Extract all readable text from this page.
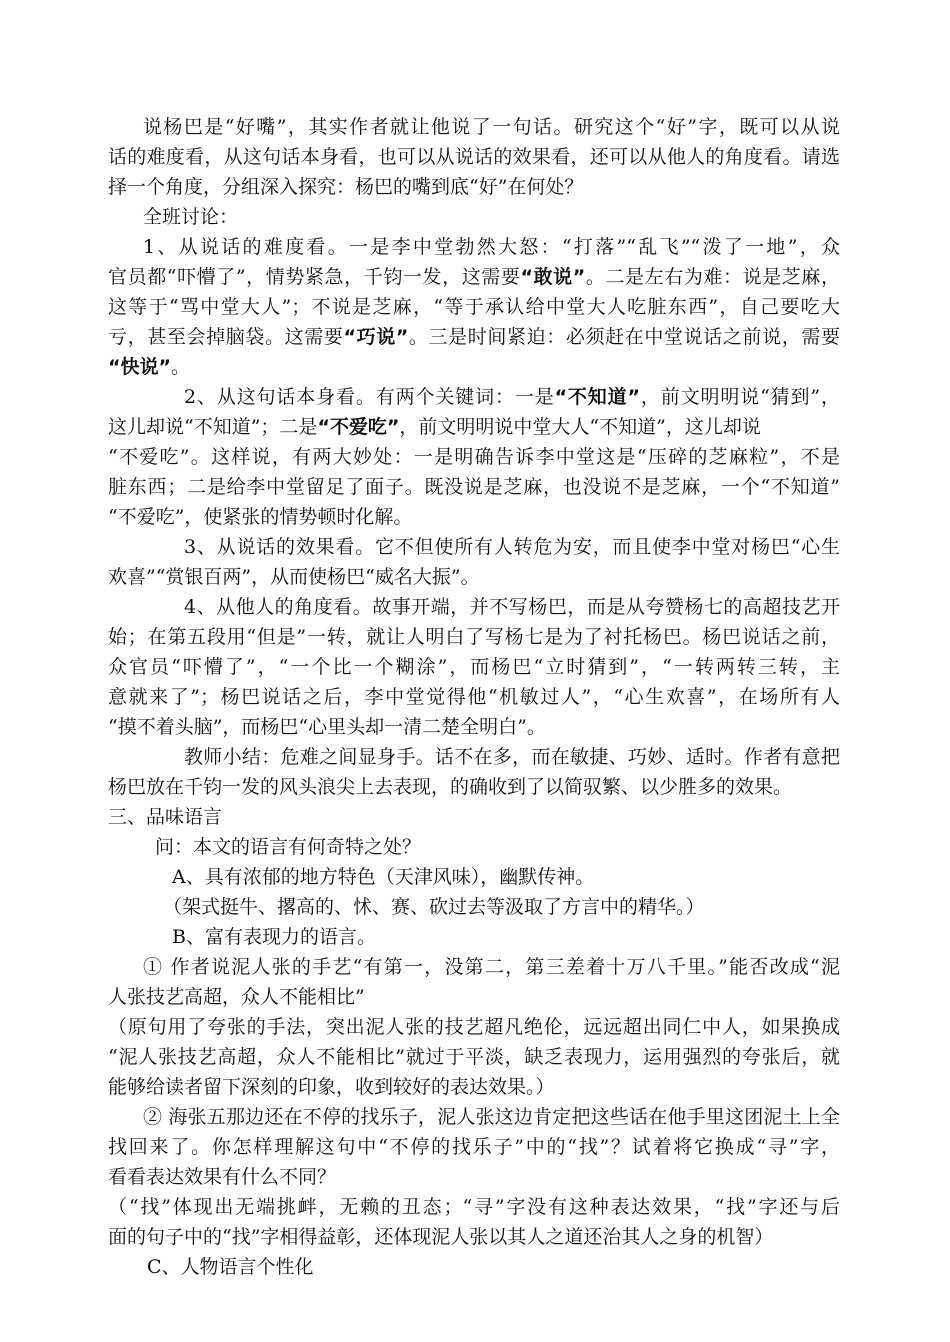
说杨巴是“好嘴”，其实作者就让他说了一句话。研究这个“好”字，既可以从说
话的难度看，从这句话本身看，也可以从说话的效果看，还可以从他人的角度看。请选
择一个角度，分组深入探究：杨巴的嘴到底“好”在何处？
全班讨论：
1、从说话的难度看。一是李中堂勃然大怒：“打落”“乱飞”“泼了一地”，众
官员都“吓懵了”，情势紧急，千钧一发，这需要“敢说”。二是左右为难：说是芝麻，
这等于“骂中堂大人”；不说是芝麻，“等于承认给中堂大人吃脏东西”，自己要吃大
亏，甚至会掉脑袋。这需要“巧说”。三是时间紧迫：必须赶在中堂说话之前说，需要
“快说”。
2、从这句话本身看。有两个关键词：一是“不知道”，前文明明说“猜到”，
这儿却说“不知道”；二是“不爱吃”，前文明明说中堂大人“不知道”，这儿却说
“不爱吃”。这样说，有两大妙处：一是明确告诉李中堂这是“压碎的芝麻粒”，不是
脏东西；二是给李中堂留足了面子。既没说是芝麻，也没说不是芝麻，一个“不知道”
“不爱吃”，使紧张的情势顿时化解。
3、从说话的效果看。它不但使所有人转危为安，而且使李中堂对杨巴“心生
欢喜”“赏银百两”，从而使杨巴“威名大振”。
4、从他人的角度看。故事开端，并不写杨巴，而是从夸赞杨七的高超技艺开
始；在第五段用“但是”一转，就让人明白了写杨七是为了衬托杨巴。杨巴说话之前，
众官员“吓懵了”，“一个比一个糊涂”，而杨巴“立时猜到”，“一转两转三转，主
意就来了”；杨巴说话之后，李中堂觉得他“机敏过人”，“心生欢喜”，在场所有人
“摸不着头脑”，而杨巴“心里头却一清二楚全明白”。
教师小结：危难之间显身手。话不在多，而在敏捷、巧妙、适时。作者有意把
杨巴放在千钧一发的风头浪尖上去表现，的确收到了以简驭繁、以少胜多的效果。
三、品味语言
问：本文的语言有何奇特之处？
A、具有浓郁的地方特色（天津风味），幽默传神。
（架式挺牛、撂高的、怵、赛、砍过去等汲取了方言中的精华。）
B、富有表现力的语言。
① 作者说泥人张的手艺“有第一，没第二，第三差着十万八千里。”能否改成“泥
人张技艺高超，众人不能相比”
（原句用了夸张的手法，突出泥人张的技艺超凡绝伦，远远超出同仁中人，如果换成
“泥人张技艺高超，众人不能相比”就过于平淡，缺乏表现力，运用强烈的夸张后，就
能够给读者留下深刻的印象，收到较好的表达效果。）
② 海张五那边还在不停的找乐子，泥人张这边肯定把这些话在他手里这团泥土上全
找回来了。你怎样理解这句中“不停的找乐子”中的“找”？试着将它换成“寻”字，
看看表达效果有什么不同？
（“找”体现出无端挑衅，无赖的丑态；“寻”字没有这种表达效果，“找”字还与后
面的句子中的“找”字相得益彰，还体现泥人张以其人之道还治其人之身的机智）
C、人物语言个性化
